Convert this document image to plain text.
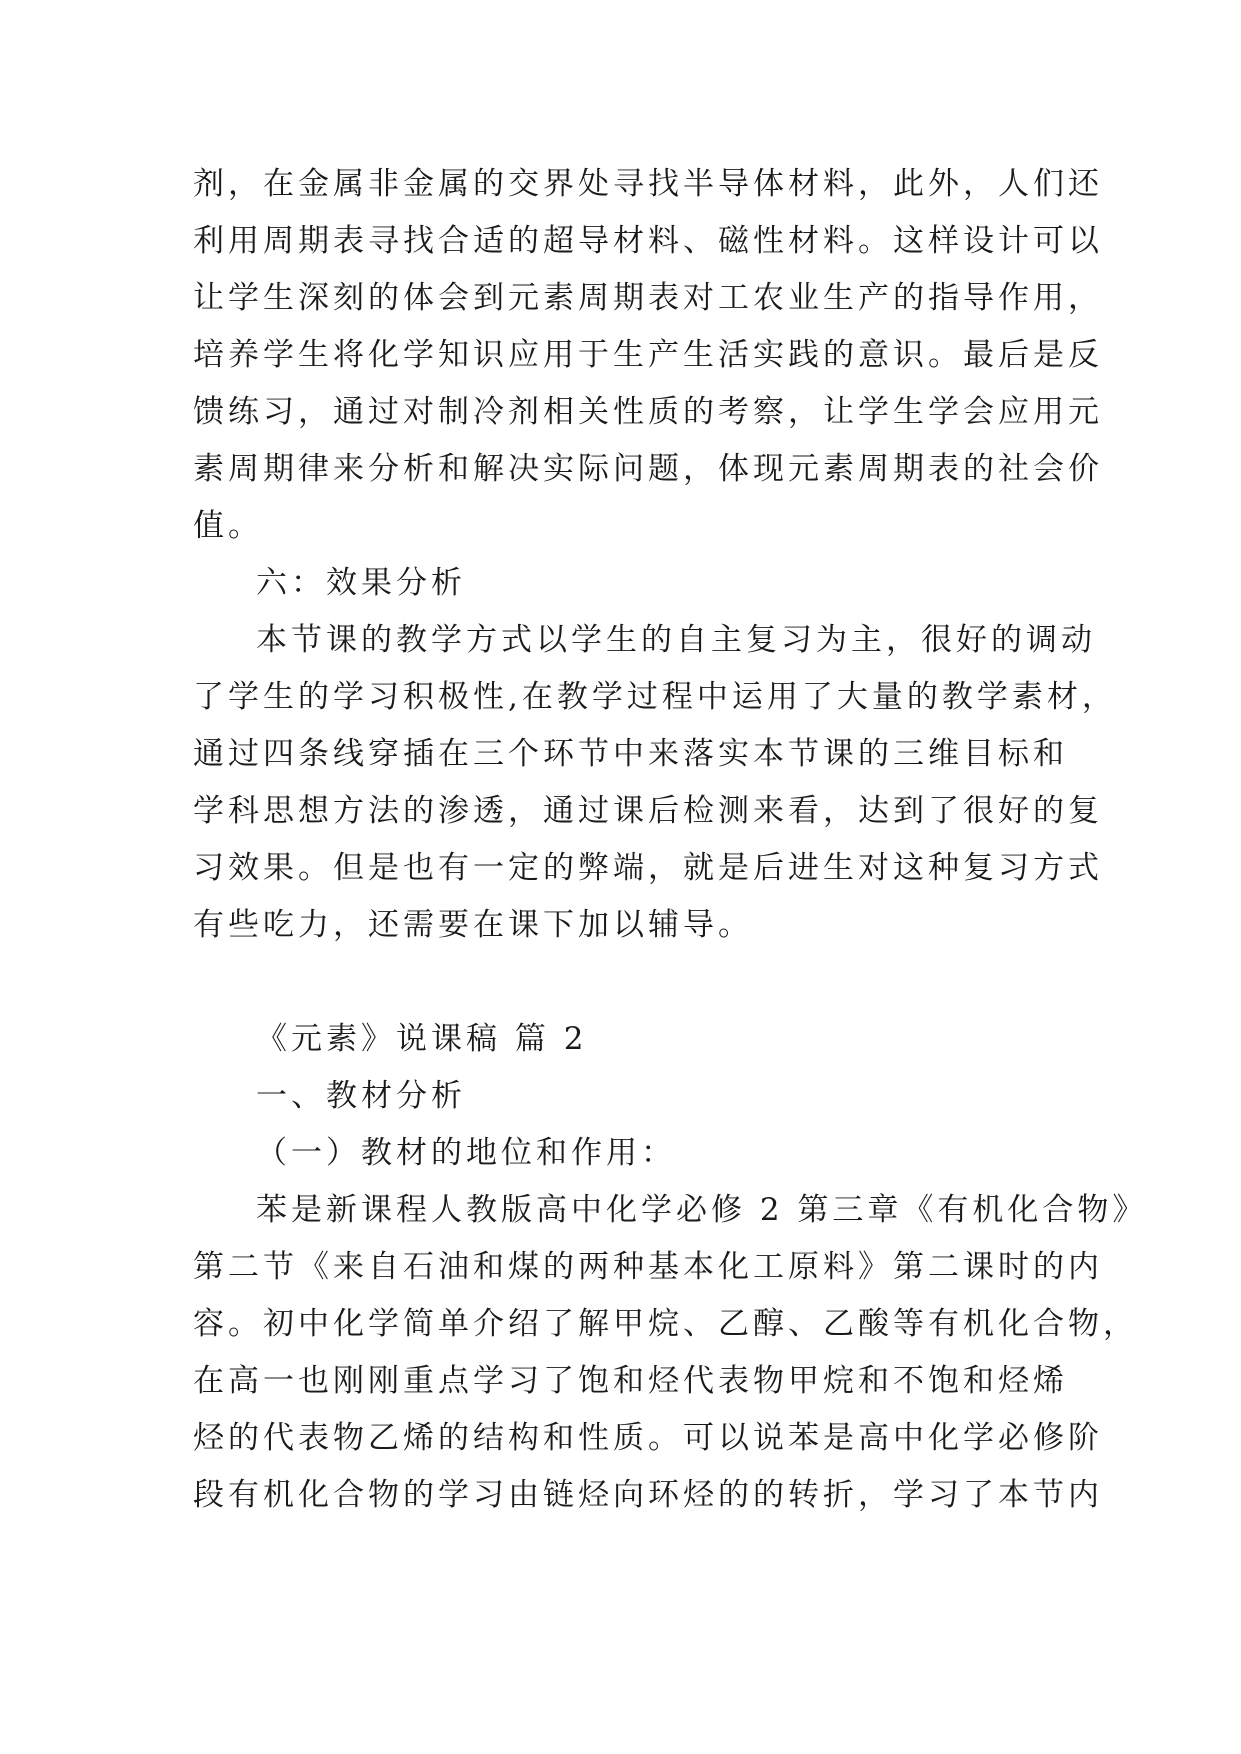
剂，在金属非金属的交界处寻找半导体材料，此外，人们还
利用周期表寻找合适的超导材料、磁性材料。这样设计可以
让学生深刻的体会到元素周期表对工农业生产的指导作用，
培养学生将化学知识应用于生产生活实践的意识。最后是反
馈练习，通过对制冷剂相关性质的考察，让学生学会应用元
素周期律来分析和解决实际问题，体现元素周期表的社会价
值。
六：效果分析
本节课的教学方式以学生的自主复习为主，很好的调动
了学生的学习积极性,在教学过程中运用了大量的教学素材，
通过四条线穿插在三个环节中来落实本节课的三维目标和
学科思想方法的渗透，通过课后检测来看，达到了很好的复
习效果。但是也有一定的弊端，就是后进生对这种复习方式
有些吃力，还需要在课下加以辅导。
《元素》说课稿 篇 2
一、教材分析
（一）教材的地位和作用：
苯是新课程人教版高中化学必修 2 第三章《有机化合物》
第二节《来自石油和煤的两种基本化工原料》第二课时的内
容。初中化学简单介绍了解甲烷、乙醇、乙酸等有机化合物，
在高一也刚刚重点学习了饱和烃代表物甲烷和不饱和烃烯
烃的代表物乙烯的结构和性质。可以说苯是高中化学必修阶
段有机化合物的学习由链烃向环烃的的转折，学习了本节内
